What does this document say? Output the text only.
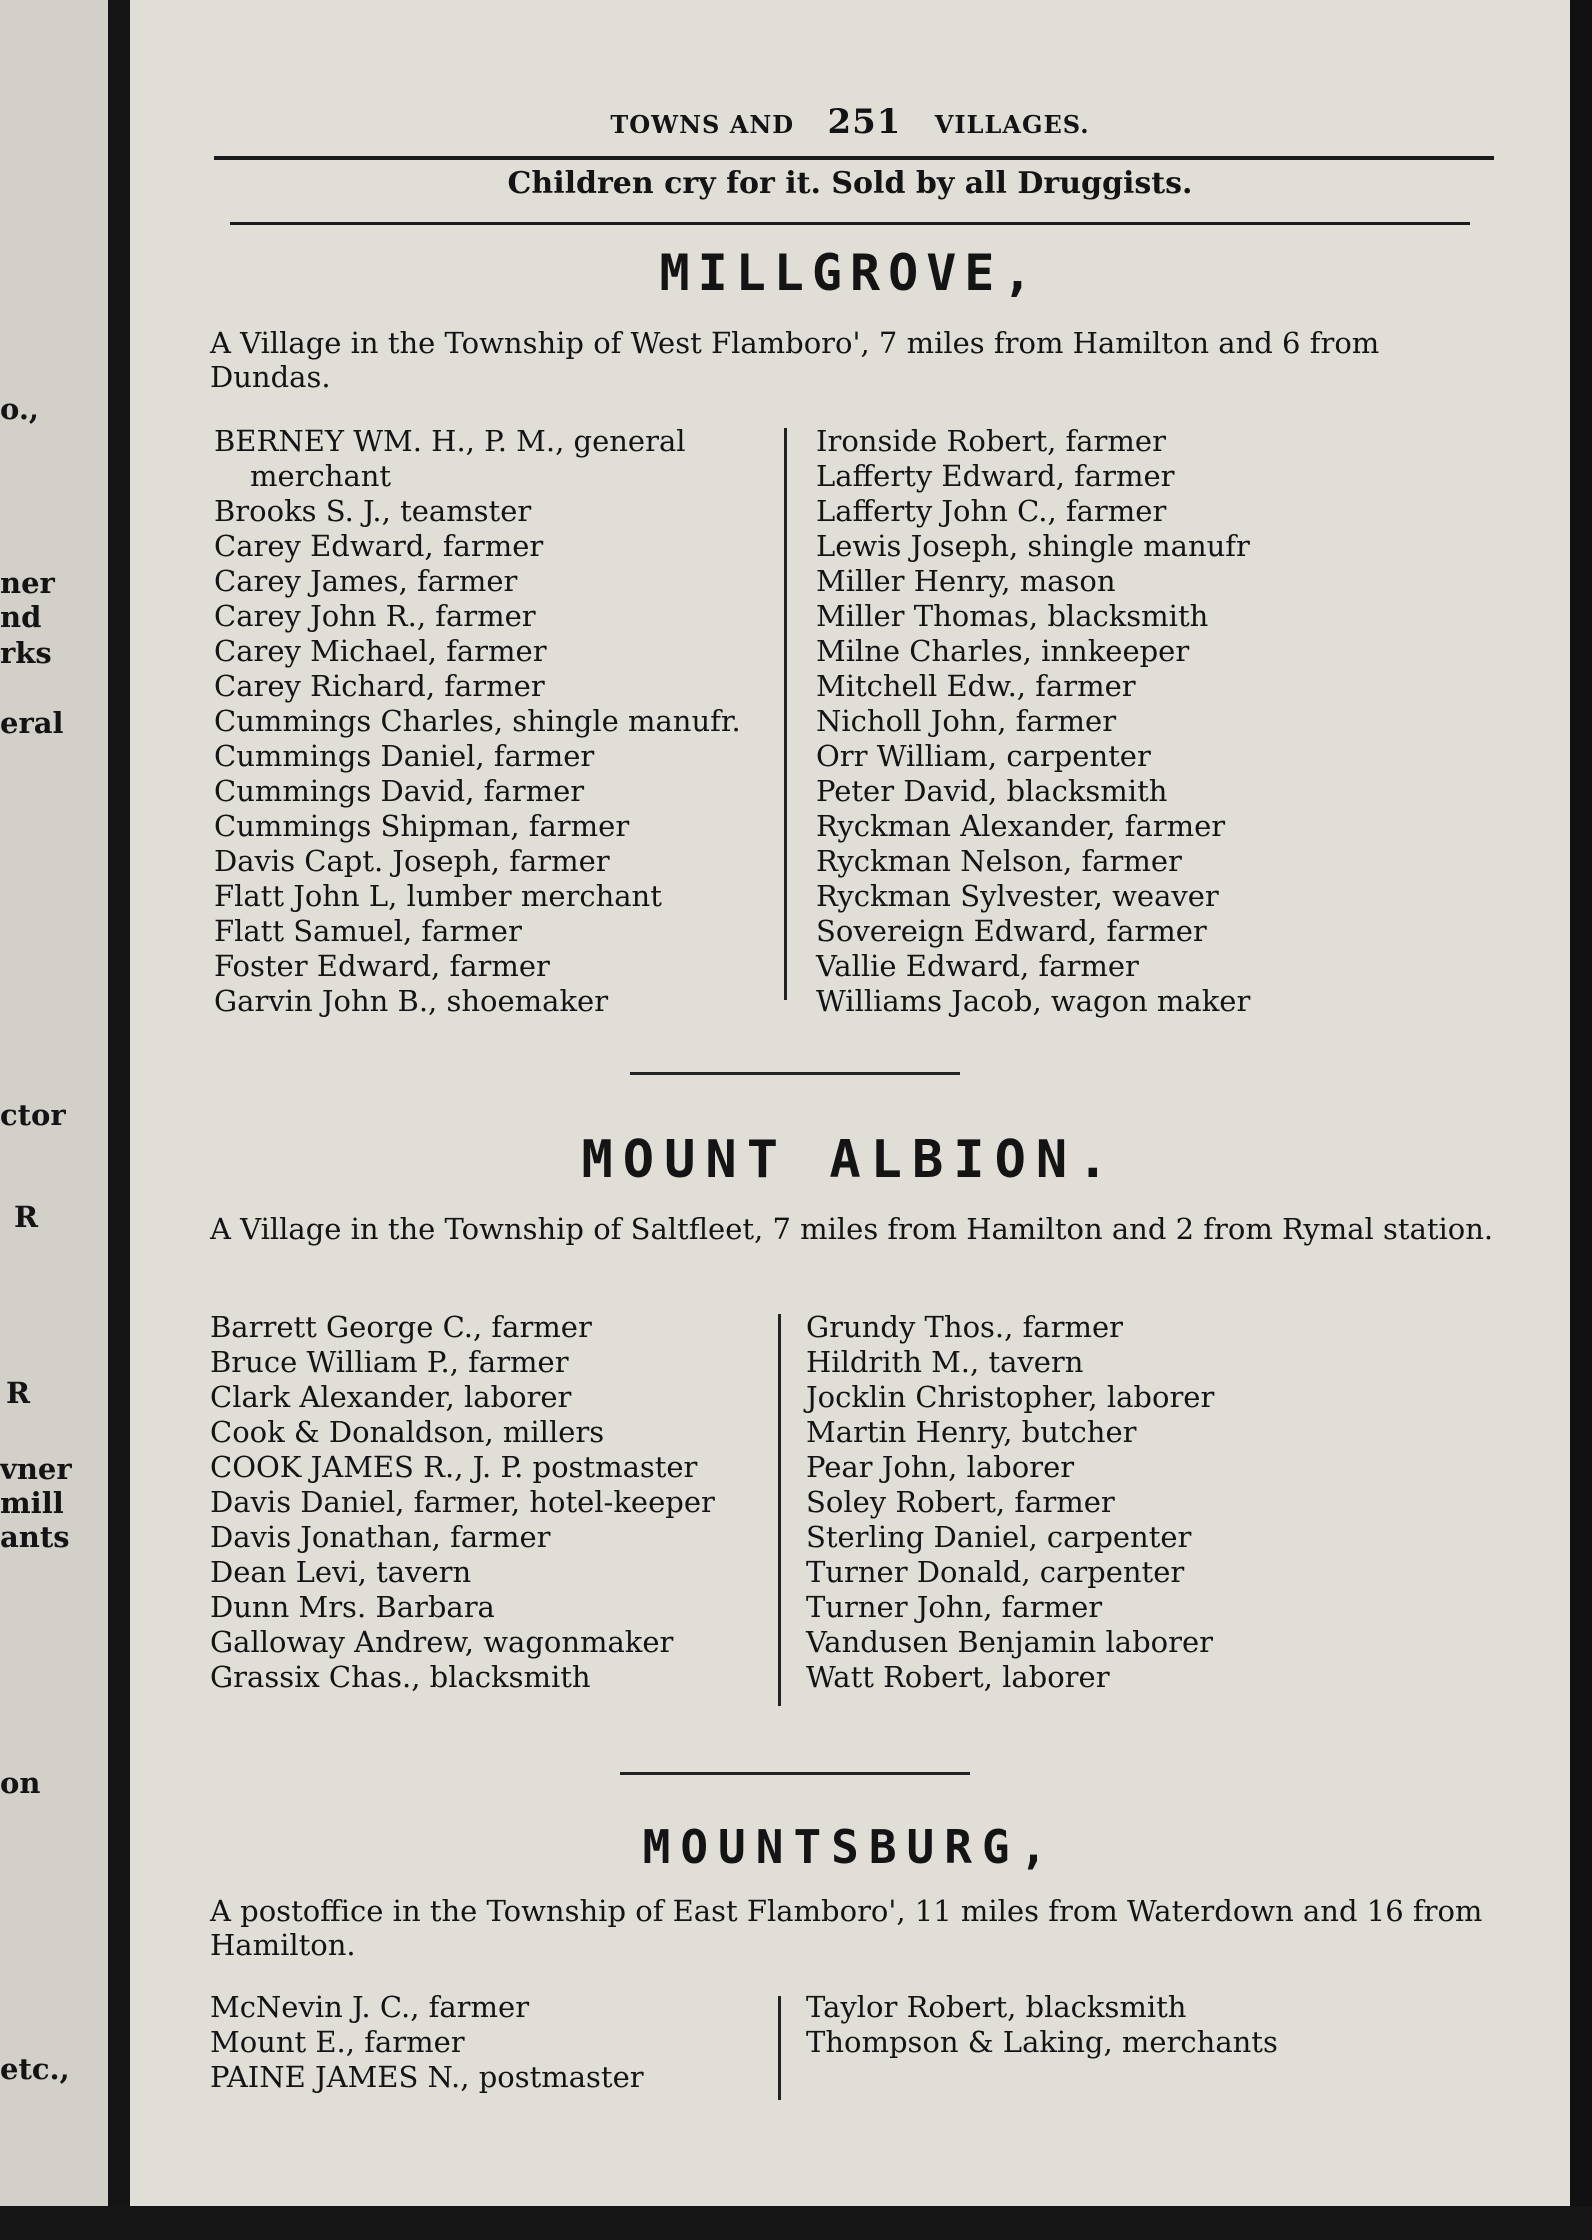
o.,
ner
nd
rks
eral
ctor
R
R
vner
mill
ants
on
etc.,
TOWNS AND 251 VILLAGES.
Children cry for it. Sold by all Druggists.
MILLGROVE,
A Village in the Township of West Flamboro', 7 miles from Hamilton and 6 from Dundas.
BERNEY WM. H., P. M., general
merchant
Brooks S. J., teamster
Carey Edward, farmer
Carey James, farmer
Carey John R., farmer
Carey Michael, farmer
Carey Richard, farmer
Cummings Charles, shingle manufr.
Cummings Daniel, farmer
Cummings David, farmer
Cummings Shipman, farmer
Davis Capt. Joseph, farmer
Flatt John L, lumber merchant
Flatt Samuel, farmer
Foster Edward, farmer
Garvin John B., shoemaker
Ironside Robert, farmer
Lafferty Edward, farmer
Lafferty John C., farmer
Lewis Joseph, shingle manufr
Miller Henry, mason
Miller Thomas, blacksmith
Milne Charles, innkeeper
Mitchell Edw., farmer
Nicholl John, farmer
Orr William, carpenter
Peter David, blacksmith
Ryckman Alexander, farmer
Ryckman Nelson, farmer
Ryckman Sylvester, weaver
Sovereign Edward, farmer
Vallie Edward, farmer
Williams Jacob, wagon maker
MOUNT ALBION.
A Village in the Township of Saltfleet, 7 miles from Hamilton and 2 from Rymal station.
Barrett George C., farmer
Bruce William P., farmer
Clark Alexander, laborer
Cook & Donaldson, millers
COOK JAMES R., J. P. postmaster
Davis Daniel, farmer, hotel-keeper
Davis Jonathan, farmer
Dean Levi, tavern
Dunn Mrs. Barbara
Galloway Andrew, wagonmaker
Grassix Chas., blacksmith
Grundy Thos., farmer
Hildrith M., tavern
Jocklin Christopher, laborer
Martin Henry, butcher
Pear John, laborer
Soley Robert, farmer
Sterling Daniel, carpenter
Turner Donald, carpenter
Turner John, farmer
Vandusen Benjamin laborer
Watt Robert, laborer
MOUNTSBURG,
A postoffice in the Township of East Flamboro', 11 miles from Waterdown and 16 from Hamilton.
McNevin J. C., farmer
Mount E., farmer
PAINE JAMES N., postmaster
Taylor Robert, blacksmith
Thompson & Laking, merchants
